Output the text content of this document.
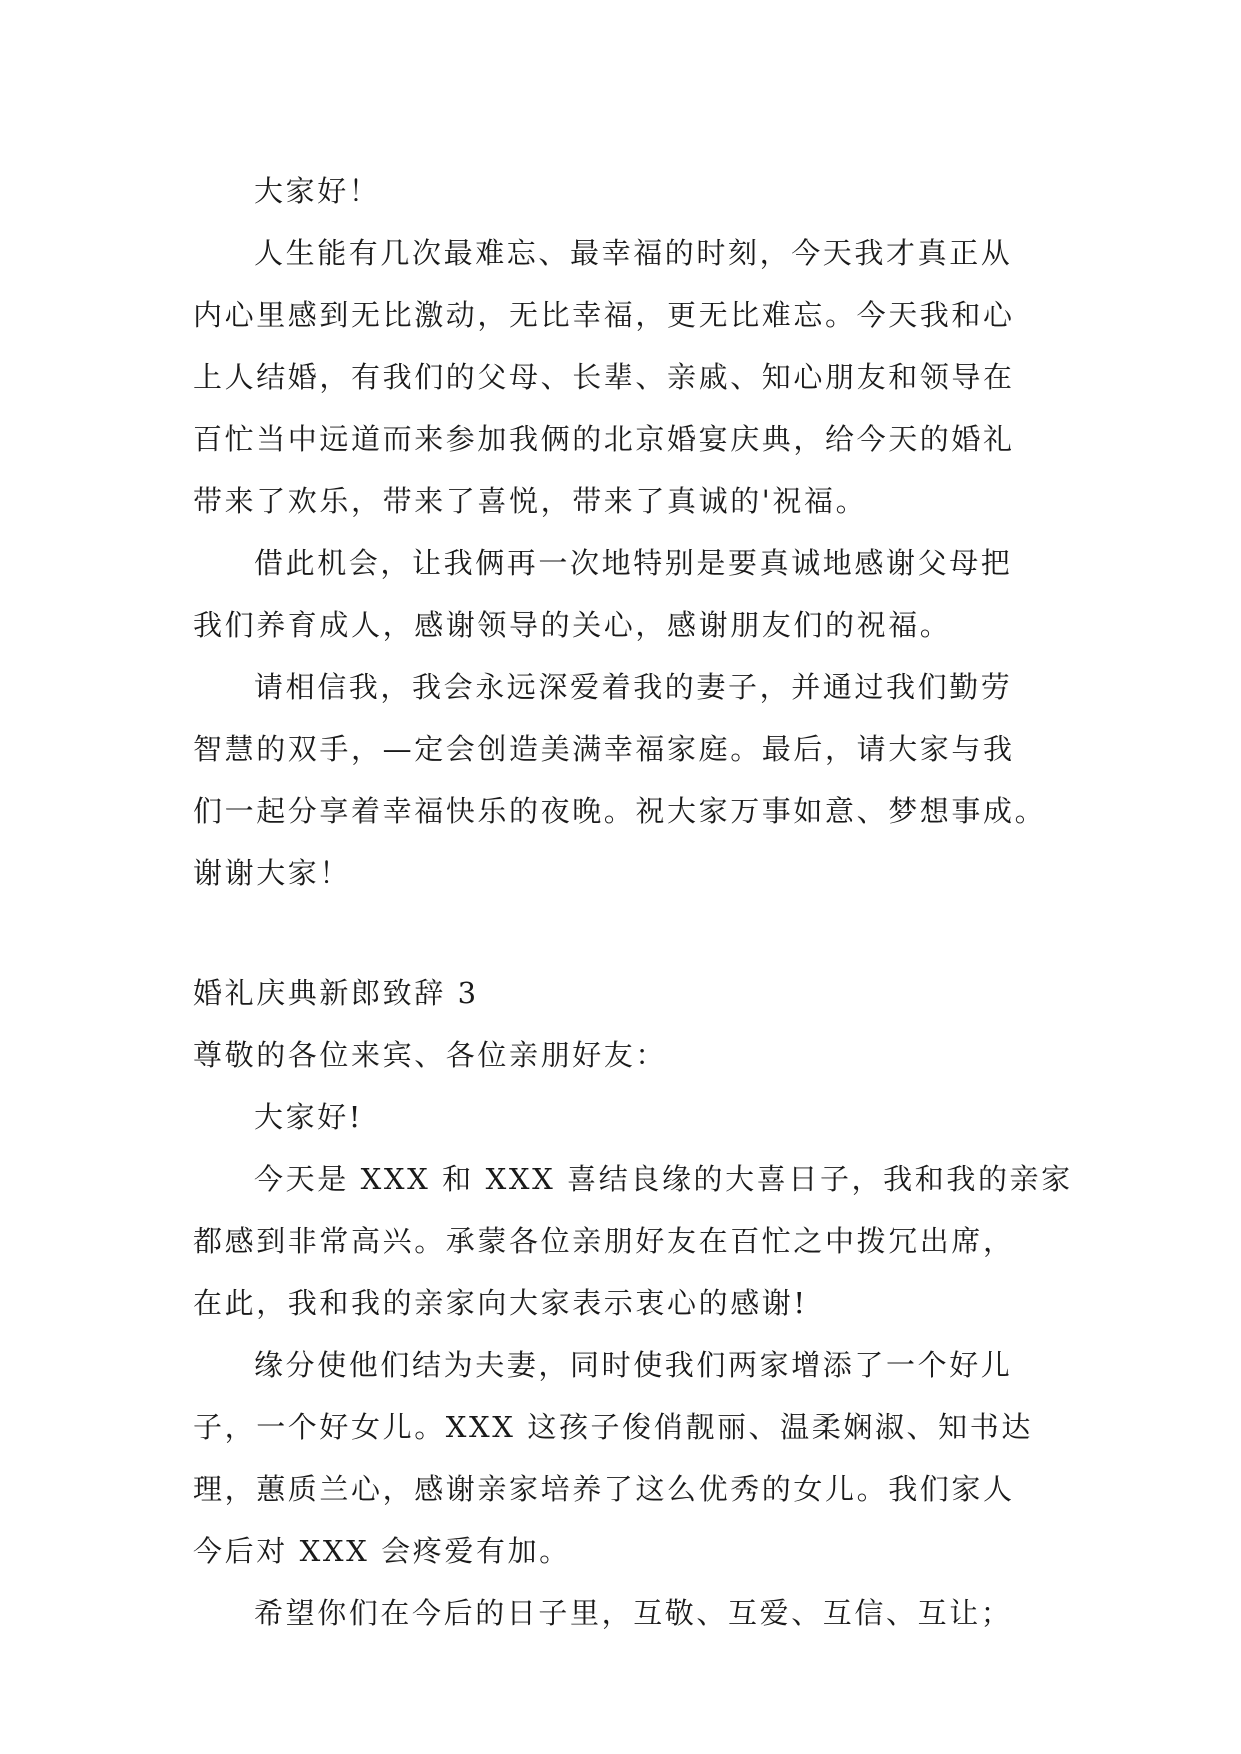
大家好！
人生能有几次最难忘、最幸福的时刻，今天我才真正从
内心里感到无比激动，无比幸福，更无比难忘。今天我和心
上人结婚，有我们的父母、长辈、亲戚、知心朋友和领导在
百忙当中远道而来参加我俩的北京婚宴庆典，给今天的婚礼
带来了欢乐，带来了喜悦，带来了真诚的'祝福。
借此机会，让我俩再一次地特别是要真诚地感谢父母把
我们养育成人，感谢领导的关心，感谢朋友们的祝福。
请相信我，我会永远深爱着我的妻子，并通过我们勤劳
智慧的双手，—定会创造美满幸福家庭。最后，请大家与我
们一起分享着幸福快乐的夜晚。祝大家万事如意、梦想事成。
谢谢大家！
婚礼庆典新郎致辞 3
尊敬的各位来宾、各位亲朋好友：
大家好!
今天是 XXX 和 XXX 喜结良缘的大喜日子，我和我的亲家
都感到非常高兴。承蒙各位亲朋好友在百忙之中拨冗出席，
在此，我和我的亲家向大家表示衷心的感谢!
缘分使他们结为夫妻，同时使我们两家增添了一个好儿
子，一个好女儿。XXX 这孩子俊俏靓丽、温柔娴淑、知书达
理，蕙质兰心，感谢亲家培养了这么优秀的女儿。我们家人
今后对 XXX 会疼爱有加。
希望你们在今后的日子里，互敬、互爱、互信、互让；
